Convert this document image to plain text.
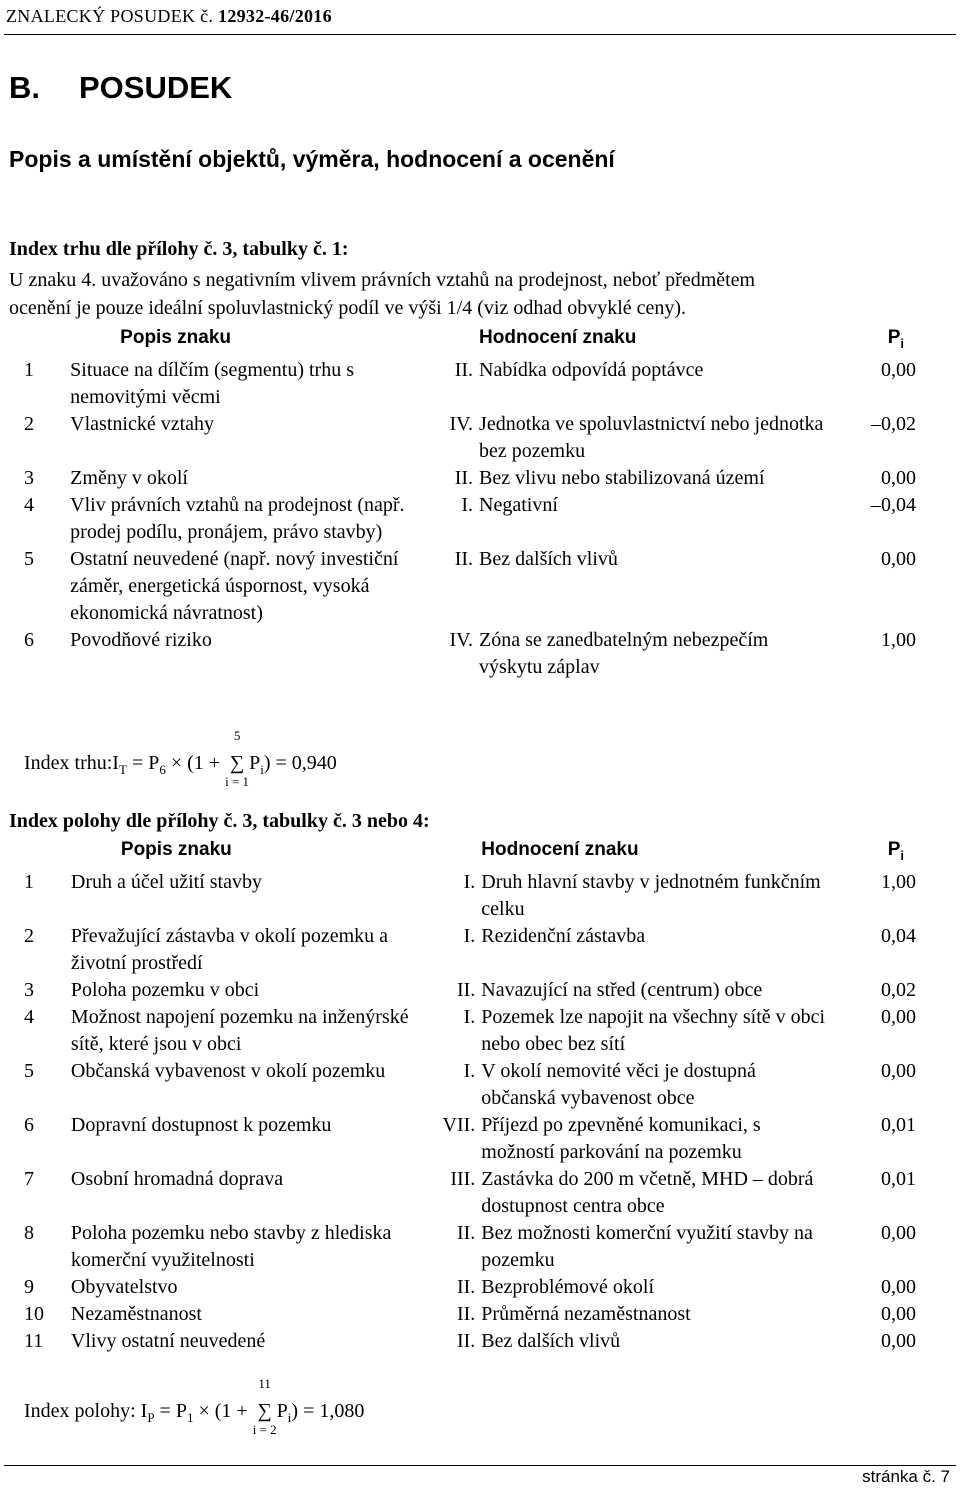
ZNALECKÝ POSUDEK č. 12932-46/2016
B. POSUDEK
Popis a umístění objektů, výměra, hodnocení a ocenění
Index trhu dle přílohy č. 3, tabulky č. 1:
U znaku 4. uvažováno s negativním vlivem právních vztahů na prodejnost, neboť předmětem
ocenění je pouze ideální spoluvlastnický podíl ve výši 1/4 (viz odhad obvyklé ceny).
	Popis znaku		Hodnocení znaku	$P_i$
1	Situace na dílčím (segmentu) trhu s nemovitými věcmi	II.	Nabídka odpovídá poptávce	0,00
2	Vlastnické vztahy	IV.	Jednotka ve spoluvlastnictví nebo jednotka bez pozemku	–0,02
3	Změny v okolí	II.	Bez vlivu nebo stabilizovaná území	0,00
4	Vliv právních vztahů na prodejnost (např. prodej podílu, pronájem, právo stavby)	I.	Negativní	–0,04
5	Ostatní neuvedené (např. nový investiční záměr, energetická úspornost, vysoká ekonomická návratnost)	II.	Bez dalších vlivů	0,00
6	Povodňové riziko	IV.	Zóna se zanedbatelným nebezpečím výskytu záplav	1,00
Index $trhu:I_T = P_6 \times (1$ + ∑
5
i = 1
$P_i) = 0,940$
Index polohy dle přílohy č. 3, tabulky č. 3 nebo 4:
	Popis znaku		Hodnocení znaku	$P_i$
1	Druh a účel užití stavby	I.	Druh hlavní stavby v jednotném funkčním celku	1,00
2	Převažující zástavba v okolí pozemku a životní prostředí	I.	Rezidenční zástavba	0,04
3	Poloha pozemku v obci	II.	Navazující na střed (centrum) obce	0,02
4	Možnost napojení pozemku na inženýrské sítě, které jsou v obci	I.	Pozemek lze napojit na všechny sítě v obci nebo obec bez sítí	0,00
5	Občanská vybavenost v okolí pozemku	I.	V okolí nemovité věci je dostupná občanská vybavenost obce	0,00
6	Dopravní dostupnost k pozemku	VII.	Příjezd po zpevněné komunikaci, s možností parkování na pozemku	0,01
7	Osobní hromadná doprava	III.	Zastávka do 200 m včetně, MHD – dobrá dostupnost centra obce	0,01
8	Poloha pozemku nebo stavby z hlediska komerční využitelnosti	II.	Bez možnosti komerční využití stavby na pozemku	0,00
9	Obyvatelstvo	II.	Bezproblémové okolí	0,00
10	Nezaměstnanost	II.	Průměrná nezaměstnanost	0,00
11	Vlivy ostatní neuvedené	II.	Bez dalších vlivů	0,00
Index polohy: $I_P = P_1 \times (1$ + ∑
11
i = 2
$P_i) = 1,080$
stránka č. 7
